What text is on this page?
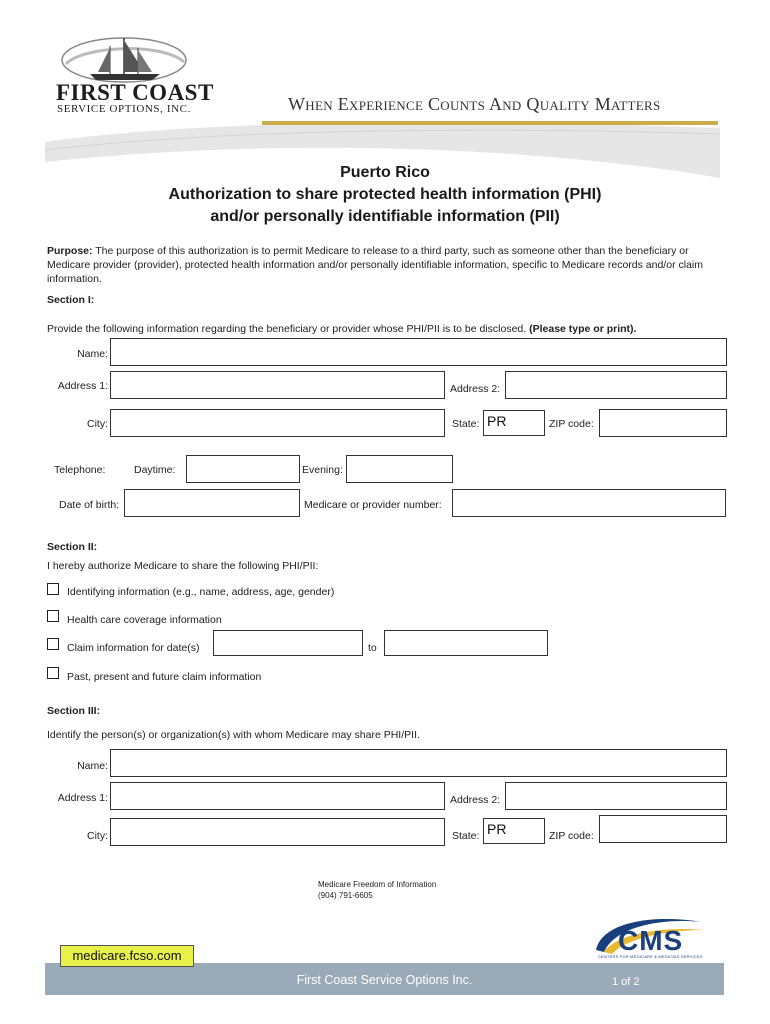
FIRST COAST
SERVICE OPTIONS, INC.	When Experience Counts And Quality Matters
Puerto Rico
Authorization to share protected health information (PHI)
and/or personally identifiable information (PII)
Purpose: The purpose of this authorization is to permit Medicare to release to a third party, such as someone other than the beneficiary or Medicare provider (provider), protected health information and/or personally identifiable information, specific to Medicare records and/or claim information.
Section I:
Provide the following information regarding the beneficiary or provider whose PHI/PII is to be disclosed. (Please type or print).
Name:
Address 1:	Address 2:
City:	State: PR	ZIP code:
Telephone:	Daytime:	Evening:
Date of birth:	Medicare or provider number:
Section II:
I hereby authorize Medicare to share the following PHI/PII:
Identifying information (e.g., name, address, age, gender)
Health care coverage information
Claim information for date(s)	to
Past, present and future claim information
Section III:
Identify the person(s) or organization(s) with whom Medicare may share PHI/PII.
Name:
Address 1:	Address 2:
City:	State: PR	ZIP code:
Medicare Freedom of Information
(904) 791-6605
CMS
CENTERS FOR MEDICARE & MEDICAID SERVICES
medicare.fcso.com
First Coast Service Options Inc.	1 of 2
